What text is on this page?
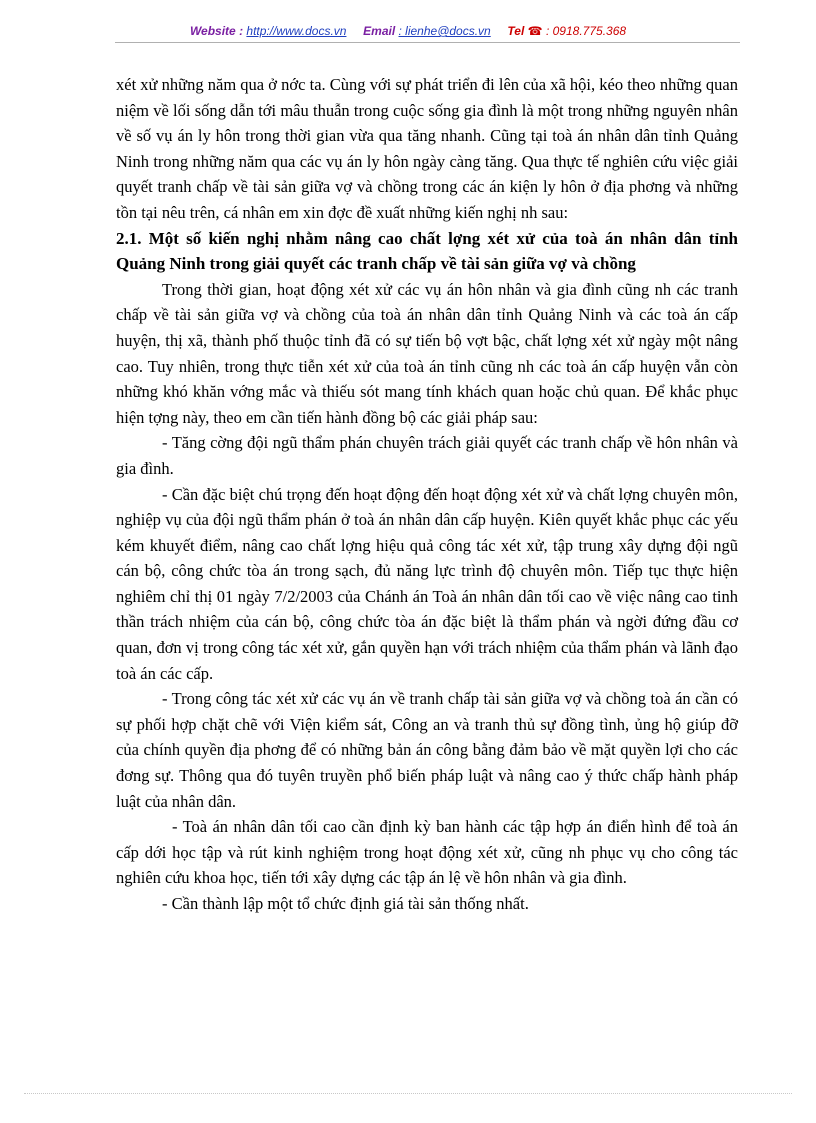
Website : http://www.docs.vn Email : lienhe@docs.vn Tel ☎ : 0918.775.368

xét xử những năm qua ở nớc ta. Cùng với sự phát triển đi lên của xã hội, kéo theo những quan niệm về lối sống dẫn tới mâu thuẫn trong cuộc sống gia đình là một trong những nguyên nhân về số vụ án ly hôn trong thời gian vừa qua tăng nhanh. Cũng tại toà án nhân dân tỉnh Quảng Ninh trong những năm qua các vụ án ly hôn ngày càng tăng. Qua thực tế nghiên cứu việc giải quyết tranh chấp về tài sản giữa vợ và chồng trong các án kiện ly hôn ở địa phơng và những tồn tại nêu trên, cá nhân em xin đợc đề xuất những kiến nghị nh sau:

2.1. Một số kiến nghị nhằm nâng cao chất lợng xét xử của toà án nhân dân tỉnh Quảng Ninh trong giải quyết các tranh chấp về tài sản giữa vợ và chồng

Trong thời gian, hoạt động xét xử các vụ án hôn nhân và gia đình cũng nh các tranh chấp về tài sản giữa vợ và chồng của toà án nhân dân tỉnh Quảng Ninh và các toà án cấp huyện, thị xã, thành phố thuộc tỉnh đã có sự tiến bộ vợt bậc, chất lợng xét xử ngày một nâng cao. Tuy nhiên, trong thực tiễn xét xử của toà án tỉnh cũng nh các toà án cấp huyện vẫn còn những khó khăn vớng mắc và thiếu sót mang tính khách quan hoặc chủ quan. Để khắc phục hiện tợng này, theo em cần tiến hành đồng bộ các giải pháp sau:

- Tăng cờng đội ngũ thẩm phán chuyên trách giải quyết các tranh chấp về hôn nhân và gia đình.

- Cần đặc biệt chú trọng đến hoạt động đến hoạt động xét xử và chất lợng chuyên môn, nghiệp vụ của đội ngũ thẩm phán ở toà án nhân dân cấp huyện. Kiên quyết khắc phục các yếu kém khuyết điểm, nâng cao chất lợng hiệu quả công tác xét xử, tập trung xây dựng đội ngũ cán bộ, công chức tòa án trong sạch, đủ năng lực trình độ chuyên môn. Tiếp tục thực hiện nghiêm chỉ thị 01 ngày 7/2/2003 của Chánh án Toà án nhân dân tối cao về việc nâng cao tinh thần trách nhiệm của cán bộ, công chức tòa án đặc biệt là thẩm phán và ngời đứng đầu cơ quan, đơn vị trong công tác xét xử, gắn quyền hạn với trách nhiệm của thẩm phán và lãnh đạo toà án các cấp.

- Trong công tác xét xử các vụ án về tranh chấp tài sản giữa vợ và chồng toà án cần có sự phối hợp chặt chẽ với Viện kiểm sát, Công an và tranh thủ sự đồng tình, ủng hộ giúp đỡ của chính quyền địa phơng để có những bản án công bằng đảm bảo về mặt quyền lợi cho các đơng sự. Thông qua đó tuyên truyền phổ biến pháp luật và nâng cao ý thức chấp hành pháp luật của nhân dân.

- Toà án nhân dân tối cao cần định kỳ ban hành các tập hợp án điển hình để toà án cấp dới học tập và rút kinh nghiệm trong hoạt động xét xử, cũng nh phục vụ cho công tác nghiên cứu khoa học, tiến tới xây dựng các tập án lệ về hôn nhân và gia đình.

- Cần thành lập một tổ chức định giá tài sản thống nhất.
